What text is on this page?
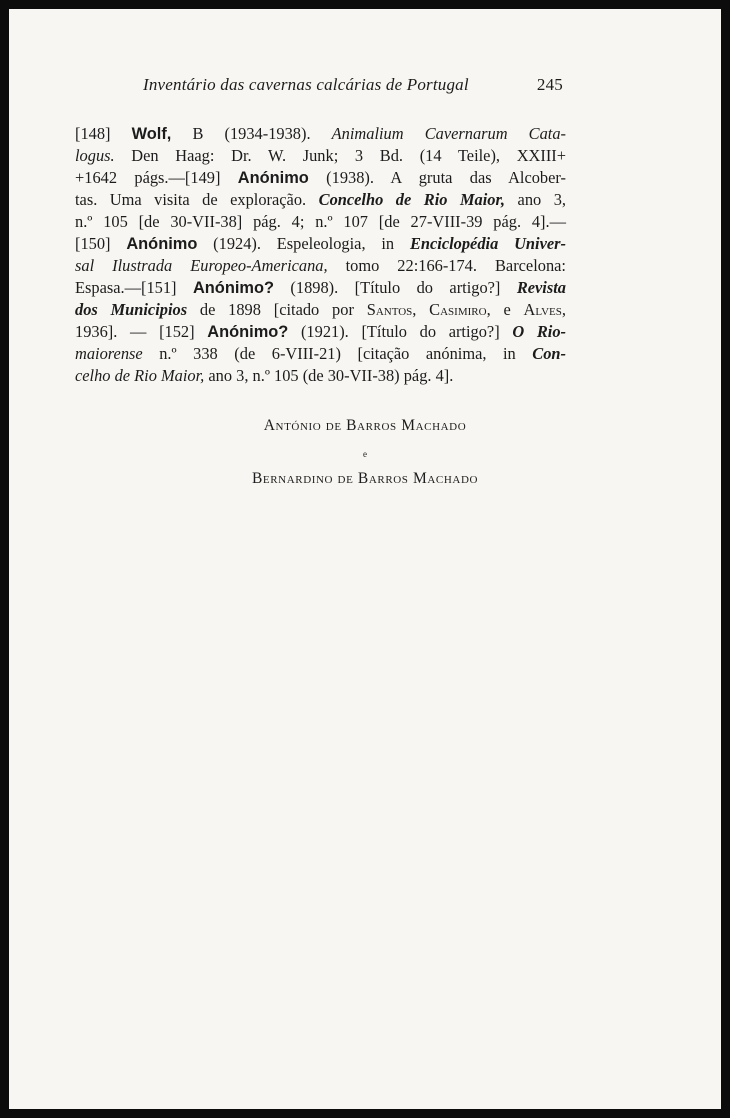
Inventário das cavernas calcárias de Portugal	245
[148] Wolf, B (1934-1938). Animalium Cavernarum Cata-
logus. Den Haag: Dr. W. Junk; 3 Bd. (14 Teile), XXIII+
+1642 págs.—[149] Anónimo (1938). A gruta das Alcober-
tas. Uma visita de exploração. Concelho de Rio Maior, ano 3,
n.º 105 [de 30-VII-38] pág. 4; n.º 107 [de 27-VIII-39 pág. 4].—
[150] Anónimo (1924). Espeleologia, in Enciclopédia Univer-
sal Ilustrada Europeo-Americana, tomo 22:166-174. Barcelona:
Espasa.—[151] Anónimo? (1898). [Título do artigo?] Revista
dos Municipios de 1898 [citado por Santos, Casimiro, e Alves,
1936]. — [152] Anónimo? (1921). [Título do artigo?] O Rio-
maiorense n.º 338 (de 6-VIII-21) [citação anónima, in Con-
celho de Rio Maior, ano 3, n.º 105 (de 30-VII-38) pág. 4].
António de Barros Machado
e
Bernardino de Barros Machado
